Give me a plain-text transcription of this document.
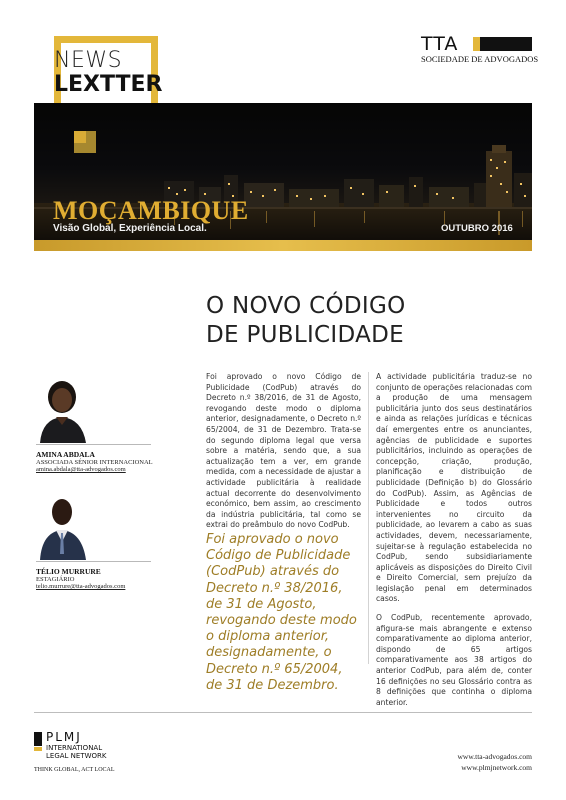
NEWS
LEXTTER
TTA
SOCIEDADE DE ADVOGADOS
MOÇAMBIQUE
Visão Global, Experiência Local.	OUTUBRO 2016
O NOVO CÓDIGO
DE PUBLICIDADE
AMINA ABDALA
ASSOCIADA SÉNIOR INTERNACIONAL
amina.abdala@tta-advogados.com
TÉLIO MURRURE
ESTAGIÁRIO
telio.murrure@tta-advogados.com

Foi aprovado o novo Código de Publicidade (CodPub) através do Decreto n.º 38/2016, de 31 de Agosto, revogando deste modo o diploma anterior, designadamente, o Decreto n.º 65/2004, de 31 de Dezembro. Trata-se do segundo diploma legal que versa sobre a matéria, sendo que, a sua actualização tem a ver, em grande medida, com a necessidade de ajustar a actividade publicitária à realidade actual decorrente do desenvolvimento económico, bem assim, ao crescimento da indústria publicitária, tal como se extrai do preâmbulo do novo CodPub.

Foi aprovado o novo Código de Publicidade (CodPub) através do Decreto n.º 38/2016, de 31 de Agosto, revogando deste modo o diploma anterior, designadamente, o Decreto n.º 65/2004, de 31 de Dezembro.

A actividade publicitária traduz-se no conjunto de operações relacionadas com a produção de uma mensagem publicitária junto dos seus destinatários e ainda as relações jurídicas e técnicas daí emergentes entre os anunciantes, agências de publicidade e suportes publicitários, incluindo as operações de concepção, criação, produção, planificação e distribuição de publicidade (Definição b) do Glossário do CodPub). Assim, as Agências de Publicidade e todos outros intervenientes no circuito da publicidade, ao levarem a cabo as suas actividades, devem, necessariamente, sujeitar-se à regulação estabelecida no CodPub, sendo subsidiariamente aplicáveis as disposições do Direito Civil e Direito Comercial, sem prejuízo da legislação penal em determinados casos.

O CodPub, recentemente aprovado, afigura-se mais abrangente e extenso comparativamente ao diploma anterior, dispondo de 65 artigos comparativamente aos 38 artigos do anterior CodPub, para além de, conter 16 definições no seu Glossário contra as 8 definições que continha o diploma anterior.

PLMJ
INTERNATIONAL
LEGAL NETWORK
THINK GLOBAL, ACT LOCAL
www.tta-advogados.com
www.plmjnetwork.com
